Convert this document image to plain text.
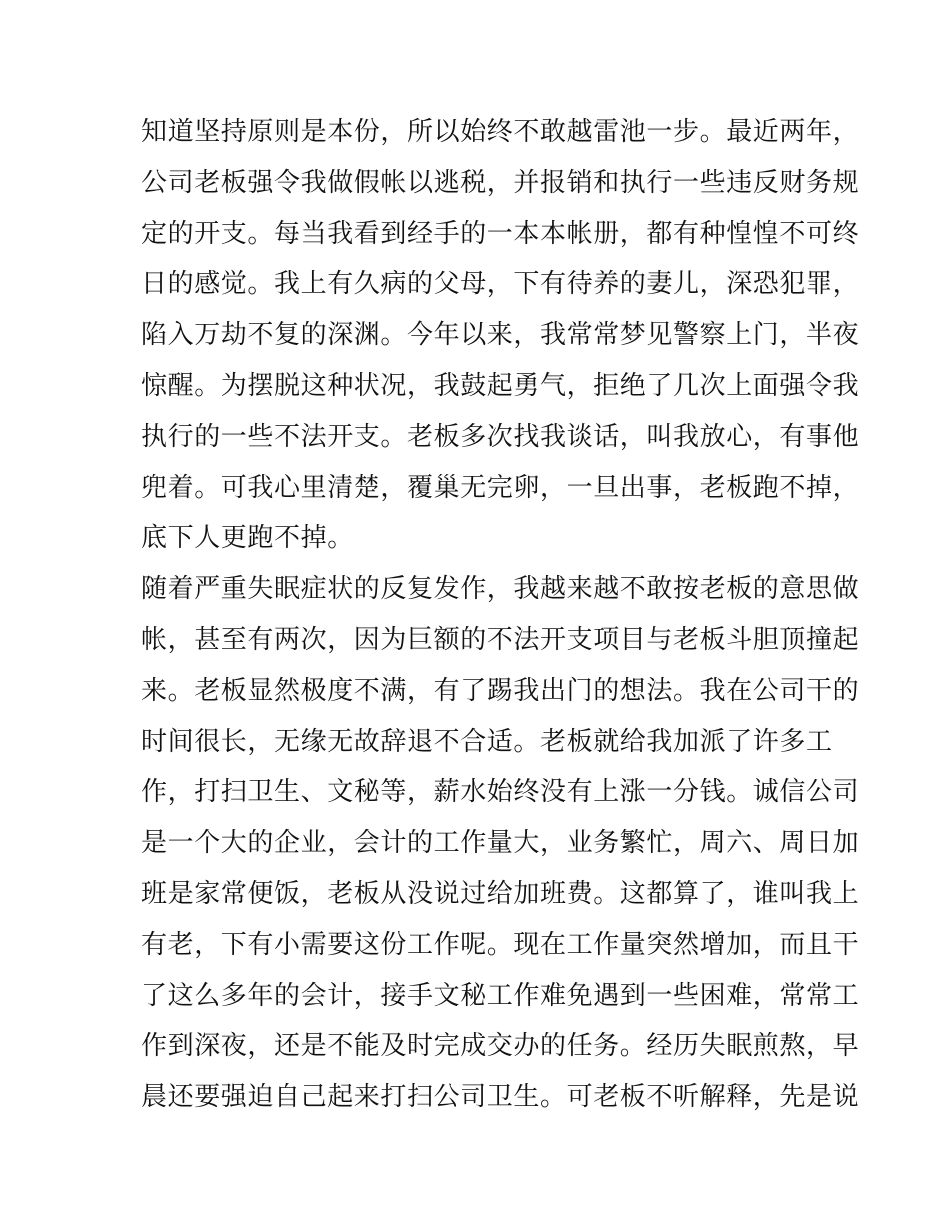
知道坚持原则是本份，所以始终不敢越雷池一步。最近两年，
公司老板强令我做假帐以逃税，并报销和执行一些违反财务规
定的开支。每当我看到经手的一本本帐册，都有种惶惶不可终
日的感觉。我上有久病的父母，下有待养的妻儿，深恐犯罪，
陷入万劫不复的深渊。今年以来，我常常梦见警察上门，半夜
惊醒。为摆脱这种状况，我鼓起勇气，拒绝了几次上面强令我
执行的一些不法开支。老板多次找我谈话，叫我放心，有事他
兜着。可我心里清楚，覆巢无完卵，一旦出事，老板跑不掉，
底下人更跑不掉。
随着严重失眠症状的反复发作，我越来越不敢按老板的意思做
帐，甚至有两次，因为巨额的不法开支项目与老板斗胆顶撞起
来。老板显然极度不满，有了踢我出门的想法。我在公司干的
时间很长，无缘无故辞退不合适。老板就给我加派了许多工
作，打扫卫生、文秘等，薪水始终没有上涨一分钱。诚信公司
是一个大的企业，会计的工作量大，业务繁忙，周六、周日加
班是家常便饭，老板从没说过给加班费。这都算了，谁叫我上
有老，下有小需要这份工作呢。现在工作量突然增加，而且干
了这么多年的会计，接手文秘工作难免遇到一些困难，常常工
作到深夜，还是不能及时完成交办的任务。经历失眠煎熬，早
晨还要强迫自己起来打扫公司卫生。可老板不听解释，先是说
